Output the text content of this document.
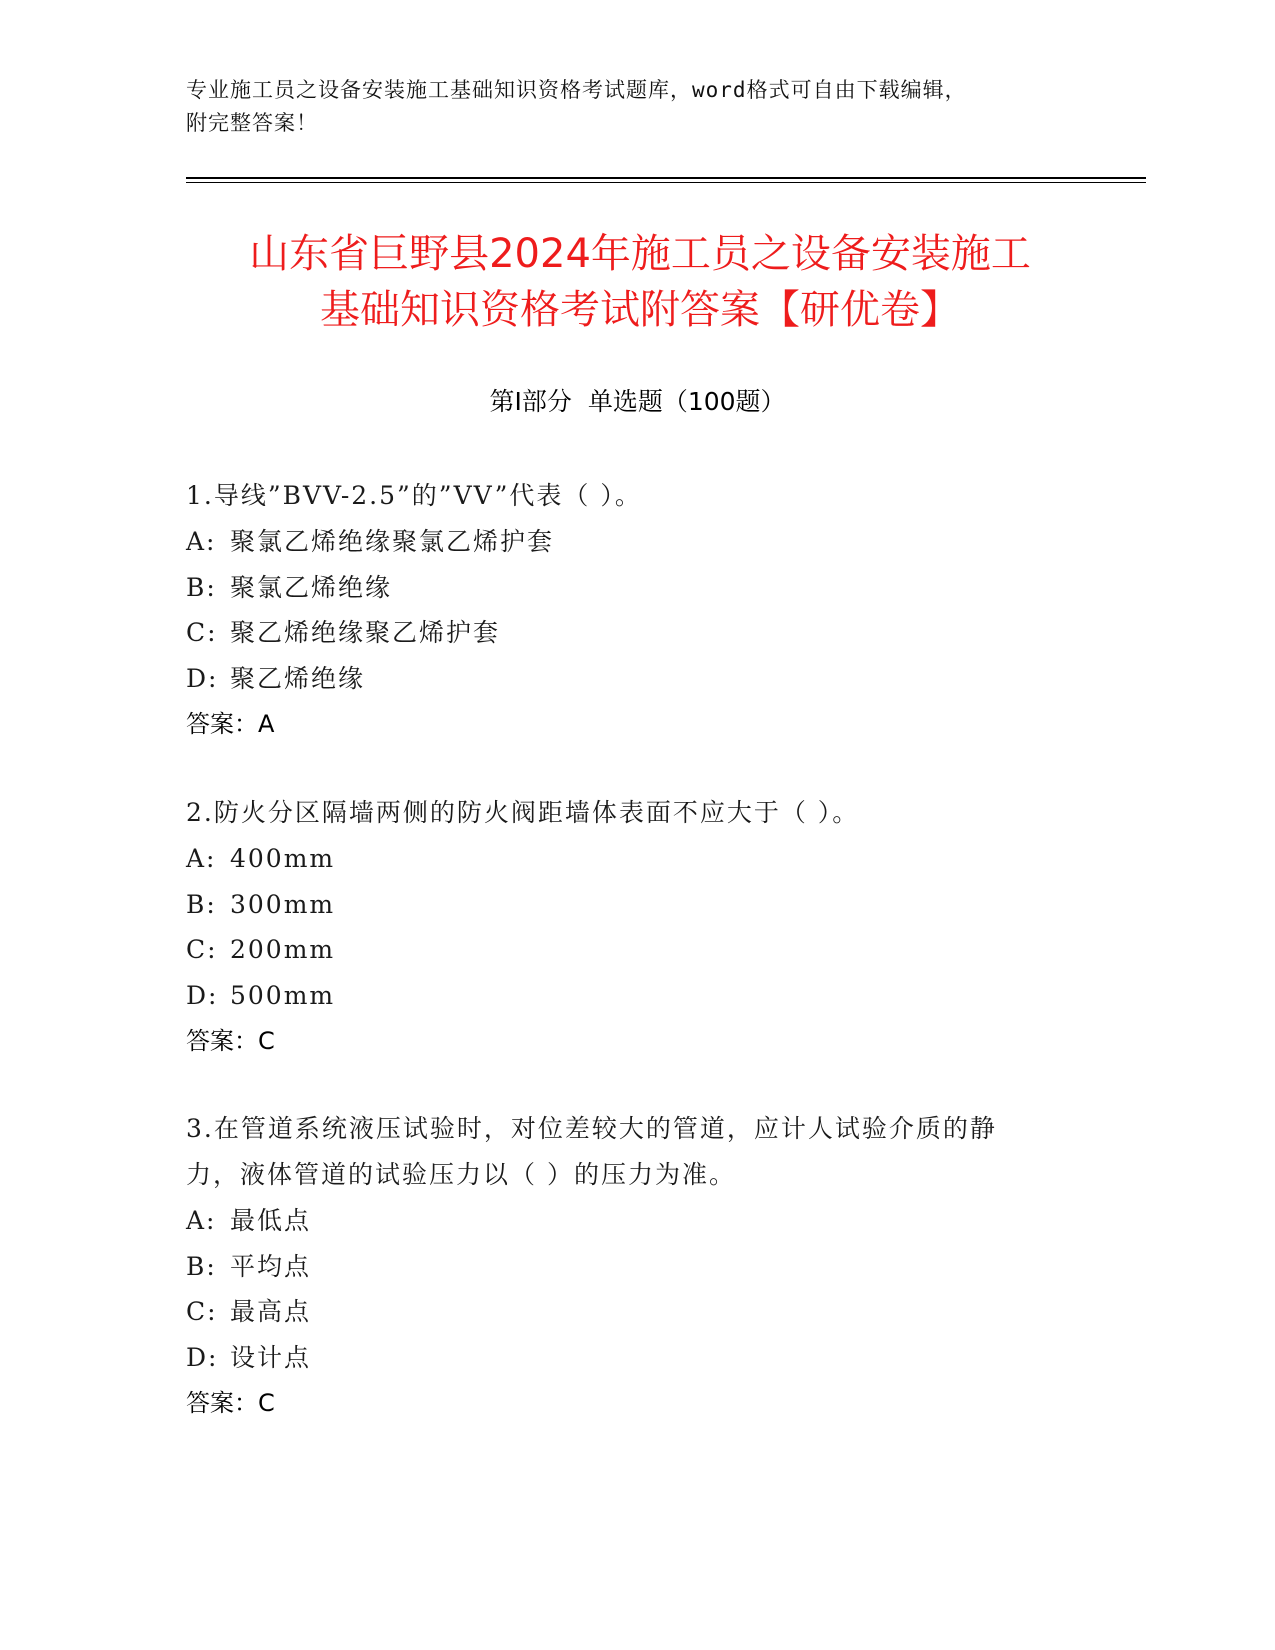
专业施工员之设备安装施工基础知识资格考试题库，word格式可自由下载编辑，
附完整答案！
山东省巨野县2024年施工员之设备安装施工
基础知识资格考试附答案【研优卷】
第Ⅰ部分 单选题（100题）
1.导线”BVV-2.5”的”VV”代表（ ）。
A: 聚氯乙烯绝缘聚氯乙烯护套
B: 聚氯乙烯绝缘
C: 聚乙烯绝缘聚乙烯护套
D: 聚乙烯绝缘
答案：A
2.防火分区隔墙两侧的防火阀距墙体表面不应大于（ ）。
A: 400mm
B: 300mm
C: 200mm
D: 500mm
答案：C
3.在管道系统液压试验时，对位差较大的管道，应计人试验介质的静
力，液体管道的试验压力以（ ）的压力为准。
A: 最低点
B: 平均点
C: 最高点
D: 设计点
答案：C
